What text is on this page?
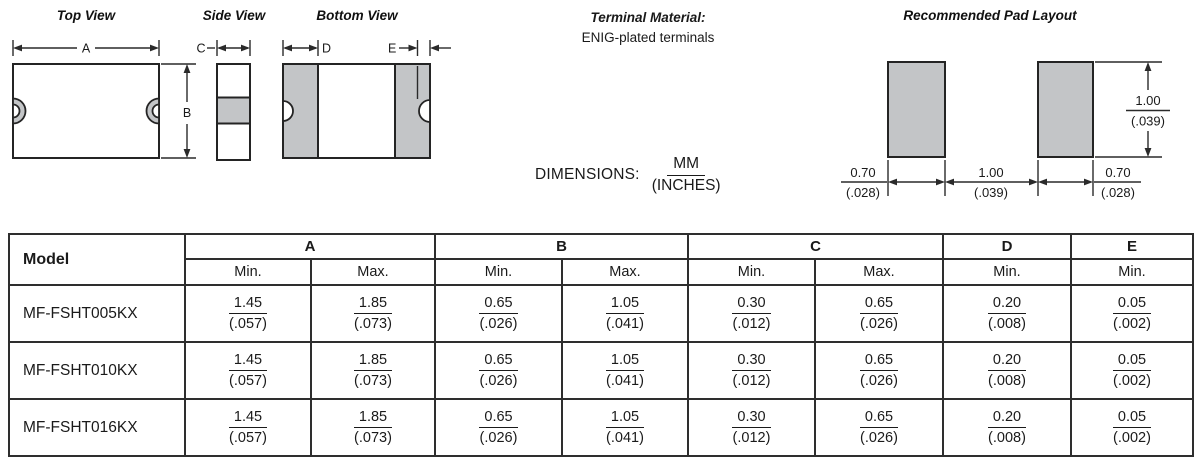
Top View	Side View	Bottom View	Recommended Pad Layout
Terminal Material:
ENIG-plated terminals
A
B
C	D	E
DIMENSIONS: $\frac{MM}{\text{(INCHES)}}$	0.70
(.028)
1.00
(.039)
0.70
(.028)
1.00
(.039)
Model	A		B		C		D	E
	Min.	Max.	Min.	Max.	Min.	Max.	Min.	Min.
MF-FSHT005KX	$\frac{1.45}{(.057)}$	$\frac{1.85}{(.073)}$	$\frac{0.65}{(.026)}$	$\frac{1.05}{(.041)}$	$\frac{0.30}{(.012)}$	$\frac{0.65}{(.026)}$	$\frac{0.20}{(.008)}$	$\frac{0.05}{(.002)}$

MF-FSHT010KX	$\frac{1.45}{(.057)}$	$\frac{1.85}{(.073)}$	$\frac{0.65}{(.026)}$	$\frac{1.05}{(.041)}$	$\frac{0.30}{(.012)}$	$\frac{0.65}{(.026)}$	$\frac{0.20}{(.008)}$	$\frac{0.05}{(.002)}$

MF-FSHT016KX	$\frac{1.45}{(.057)}$	$\frac{1.85}{(.073)}$	$\frac{0.65}{(.026)}$	$\frac{1.05}{(.041)}$	$\frac{0.30}{(.012)}$	$\frac{0.65}{(.026)}$	$\frac{0.20}{(.008)}$	$\frac{0.05}{(.002)}$
